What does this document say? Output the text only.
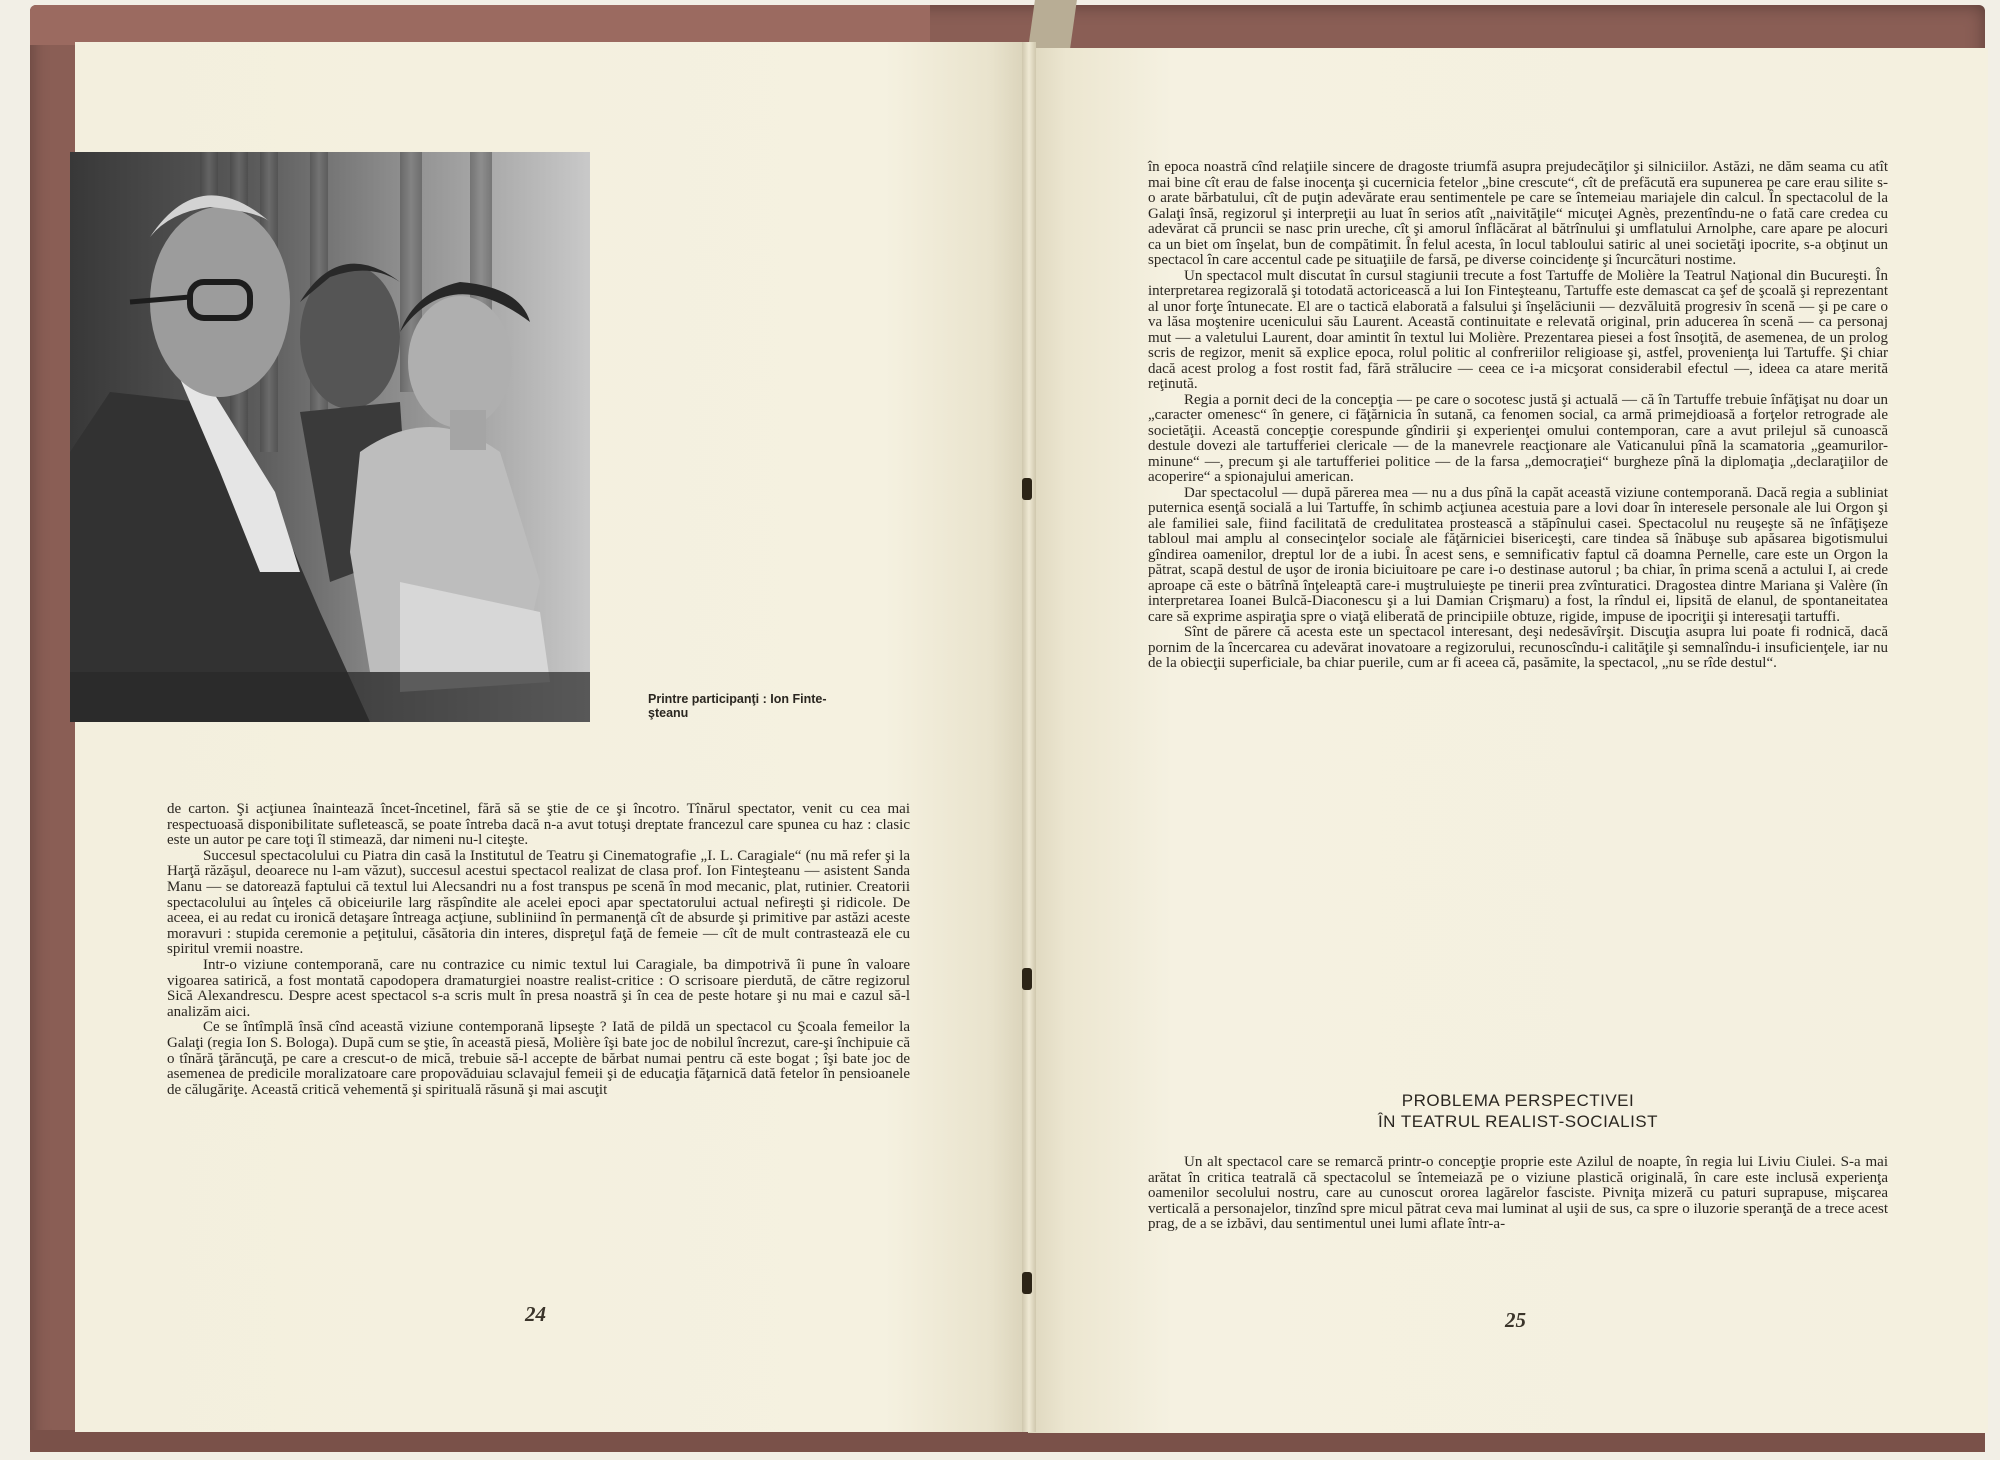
Printre participanţi : Ion Finte-
şteanu

de carton. Şi acţiunea înaintează încet-încetinel, fără să se ştie de ce şi încotro. Tînărul spectator, venit cu cea mai respectuoasă disponibilitate sufletească, se poate întreba dacă n-a avut totuşi dreptate francezul care spunea cu haz : clasic este un autor pe care toţi îl stimează, dar nimeni nu-l citeşte.

Succesul spectacolului cu Piatra din casă la Institutul de Teatru şi Cinematografie „I. L. Caragiale“ (nu mă refer şi la Harţă răzăşul, deoarece nu l-am văzut), succesul acestui spectacol realizat de clasa prof. Ion Finteşteanu — asistent Sanda Manu — se datorează faptului că textul lui Alecsandri nu a fost transpus pe scenă în mod mecanic, plat, rutinier. Creatorii spectacolului au înţeles că obiceiurile larg răspîndite ale acelei epoci apar spectatorului actual nefireşti şi ridicole. De aceea, ei au redat cu ironică detaşare întreaga acţiune, subliniind în permanenţă cît de absurde şi primitive par astăzi aceste moravuri : stupida ceremonie a peţitului, căsătoria din interes, dispreţul faţă de femeie — cît de mult contrastează ele cu spiritul vremii noastre.

Intr-o viziune contemporană, care nu contrazice cu nimic textul lui Caragiale, ba dimpotrivă îi pune în valoare vigoarea satirică, a fost montată capodopera dramaturgiei noastre realist-critice : O scrisoare pierdută, de către regizorul Sică Alexandrescu. Despre acest spectacol s-a scris mult în presa noastră şi în cea de peste hotare şi nu mai e cazul să-l analizăm aici.

Ce se întîmplă însă cînd această viziune contemporană lipseşte ? Iată de pildă un spectacol cu Şcoala femeilor la Galaţi (regia Ion S. Bologa). După cum se ştie, în această piesă, Molière îşi bate joc de nobilul încrezut, care-şi închipuie că o tînără ţărăncuţă, pe care a crescut-o de mică, trebuie să-l accepte de bărbat numai pentru că este bogat ; îşi bate joc de asemenea de predicile moralizatoare care propovăduiau sclavajul femeii şi de educaţia făţarnică dată fetelor în pensioanele de călugăriţe. Această critică vehementă şi spirituală răsună şi mai ascuţit

24

în epoca noastră cînd relaţiile sincere de dragoste triumfă asupra prejudecăţilor şi silniciilor. Astăzi, ne dăm seama cu atît mai bine cît erau de false inocenţa şi cucernicia fetelor „bine crescute“, cît de prefăcută era supunerea pe care erau silite s-o arate bărbatului, cît de puţin adevărate erau sentimentele pe care se întemeiau mariajele din calcul. În spectacolul de la Galaţi însă, regizorul şi interpreţii au luat în serios atît „naivităţile“ micuţei Agnès, prezentîndu-ne o fată care credea cu adevărat că pruncii se nasc prin ureche, cît şi amorul înflăcărat al bătrînului şi umflatului Arnolphe, care apare pe alocuri ca un biet om înşelat, bun de compătimit. În felul acesta, în locul tabloului satiric al unei societăţi ipocrite, s-a obţinut un spectacol în care accentul cade pe situaţiile de farsă, pe diverse coincidenţe şi încurcături nostime.

Un spectacol mult discutat în cursul stagiunii trecute a fost Tartuffe de Molière la Teatrul Naţional din Bucureşti. În interpretarea regizorală şi totodată actoricească a lui Ion Finteşteanu, Tartuffe este demascat ca şef de şcoală şi reprezentant al unor forţe întunecate. El are o tactică elaborată a falsului şi înşelăciunii — dezvăluită progresiv în scenă — şi pe care o va lăsa moştenire ucenicului său Laurent. Această continuitate e relevată original, prin aducerea în scenă — ca personaj mut — a valetului Laurent, doar amintit în textul lui Molière. Prezentarea piesei a fost însoţită, de asemenea, de un prolog scris de regizor, menit să explice epoca, rolul politic al confreriilor religioase şi, astfel, provenienţa lui Tartuffe. Şi chiar dacă acest prolog a fost rostit fad, fără strălucire — ceea ce i-a micşorat considerabil efectul —, ideea ca atare merită reţinută.

Regia a pornit deci de la concepţia — pe care o socotesc justă şi actuală — că în Tartuffe trebuie înfăţişat nu doar un „caracter omenesc“ în genere, ci făţărnicia în sutană, ca fenomen social, ca armă primejdioasă a forţelor retrograde ale societăţii. Această concepţie corespunde gîndirii şi experienţei omului contemporan, care a avut prilejul să cunoască destule dovezi ale tartufferiei clericale — de la manevrele reacţionare ale Vaticanului pînă la scamatoria „geamurilor-minune“ —, precum şi ale tartufferiei politice — de la farsa „democraţiei“ burgheze pînă la diplomaţia „declaraţiilor de acoperire“ a spionajului american.

Dar spectacolul — după părerea mea — nu a dus pînă la capăt această viziune contemporană. Dacă regia a subliniat puternica esenţă socială a lui Tartuffe, în schimb acţiunea acestuia pare a lovi doar în interesele personale ale lui Orgon şi ale familiei sale, fiind facilitată de credulitatea prostească a stăpînului casei. Spectacolul nu reuşeşte să ne înfăţişeze tabloul mai amplu al consecinţelor sociale ale făţărniciei bisericeşti, care tindea să înăbuşe sub apăsarea bigotismului gîndirea oamenilor, dreptul lor de a iubi. În acest sens, e semnificativ faptul că doamna Pernelle, care este un Orgon la pătrat, scapă destul de uşor de ironia biciuitoare pe care i-o destinase autorul ; ba chiar, în prima scenă a actului I, ai crede aproape că este o bătrînă înţeleaptă care-i muştruluieşte pe tinerii prea zvînturatici. Dragostea dintre Mariana şi Valère (în interpretarea Ioanei Bulcă-Diaconescu şi a lui Damian Crişmaru) a fost, la rîndul ei, lipsită de elanul, de spontaneitatea care să exprime aspiraţia spre o viaţă eliberată de principiile obtuze, rigide, impuse de ipocriţii şi interesaţii tartuffi.

Sînt de părere că acesta este un spectacol interesant, deşi nedesăvîrşit. Discuţia asupra lui poate fi rodnică, dacă pornim de la încercarea cu adevărat inovatoare a regizorului, recunoscîndu-i calităţile şi semnalîndu-i insuficienţele, iar nu de la obiecţii superficiale, ba chiar puerile, cum ar fi aceea că, pasămite, la spectacol, „nu se rîde destul“.

PROBLEMA PERSPECTIVEI
ÎN TEATRUL REALIST-SOCIALIST

Un alt spectacol care se remarcă printr-o concepţie proprie este Azilul de noapte, în regia lui Liviu Ciulei. S-a mai arătat în critica teatrală că spectacolul se întemeiază pe o viziune plastică originală, în care este inclusă experienţa oamenilor secolului nostru, care au cunoscut ororea lagărelor fasciste. Pivniţa mizeră cu paturi suprapuse, mişcarea verticală a personajelor, tinzînd spre micul pătrat ceva mai luminat al uşii de sus, ca spre o iluzorie speranţă de a trece acest prag, de a se izbăvi, dau sentimentul unei lumi aflate într-a-

25
